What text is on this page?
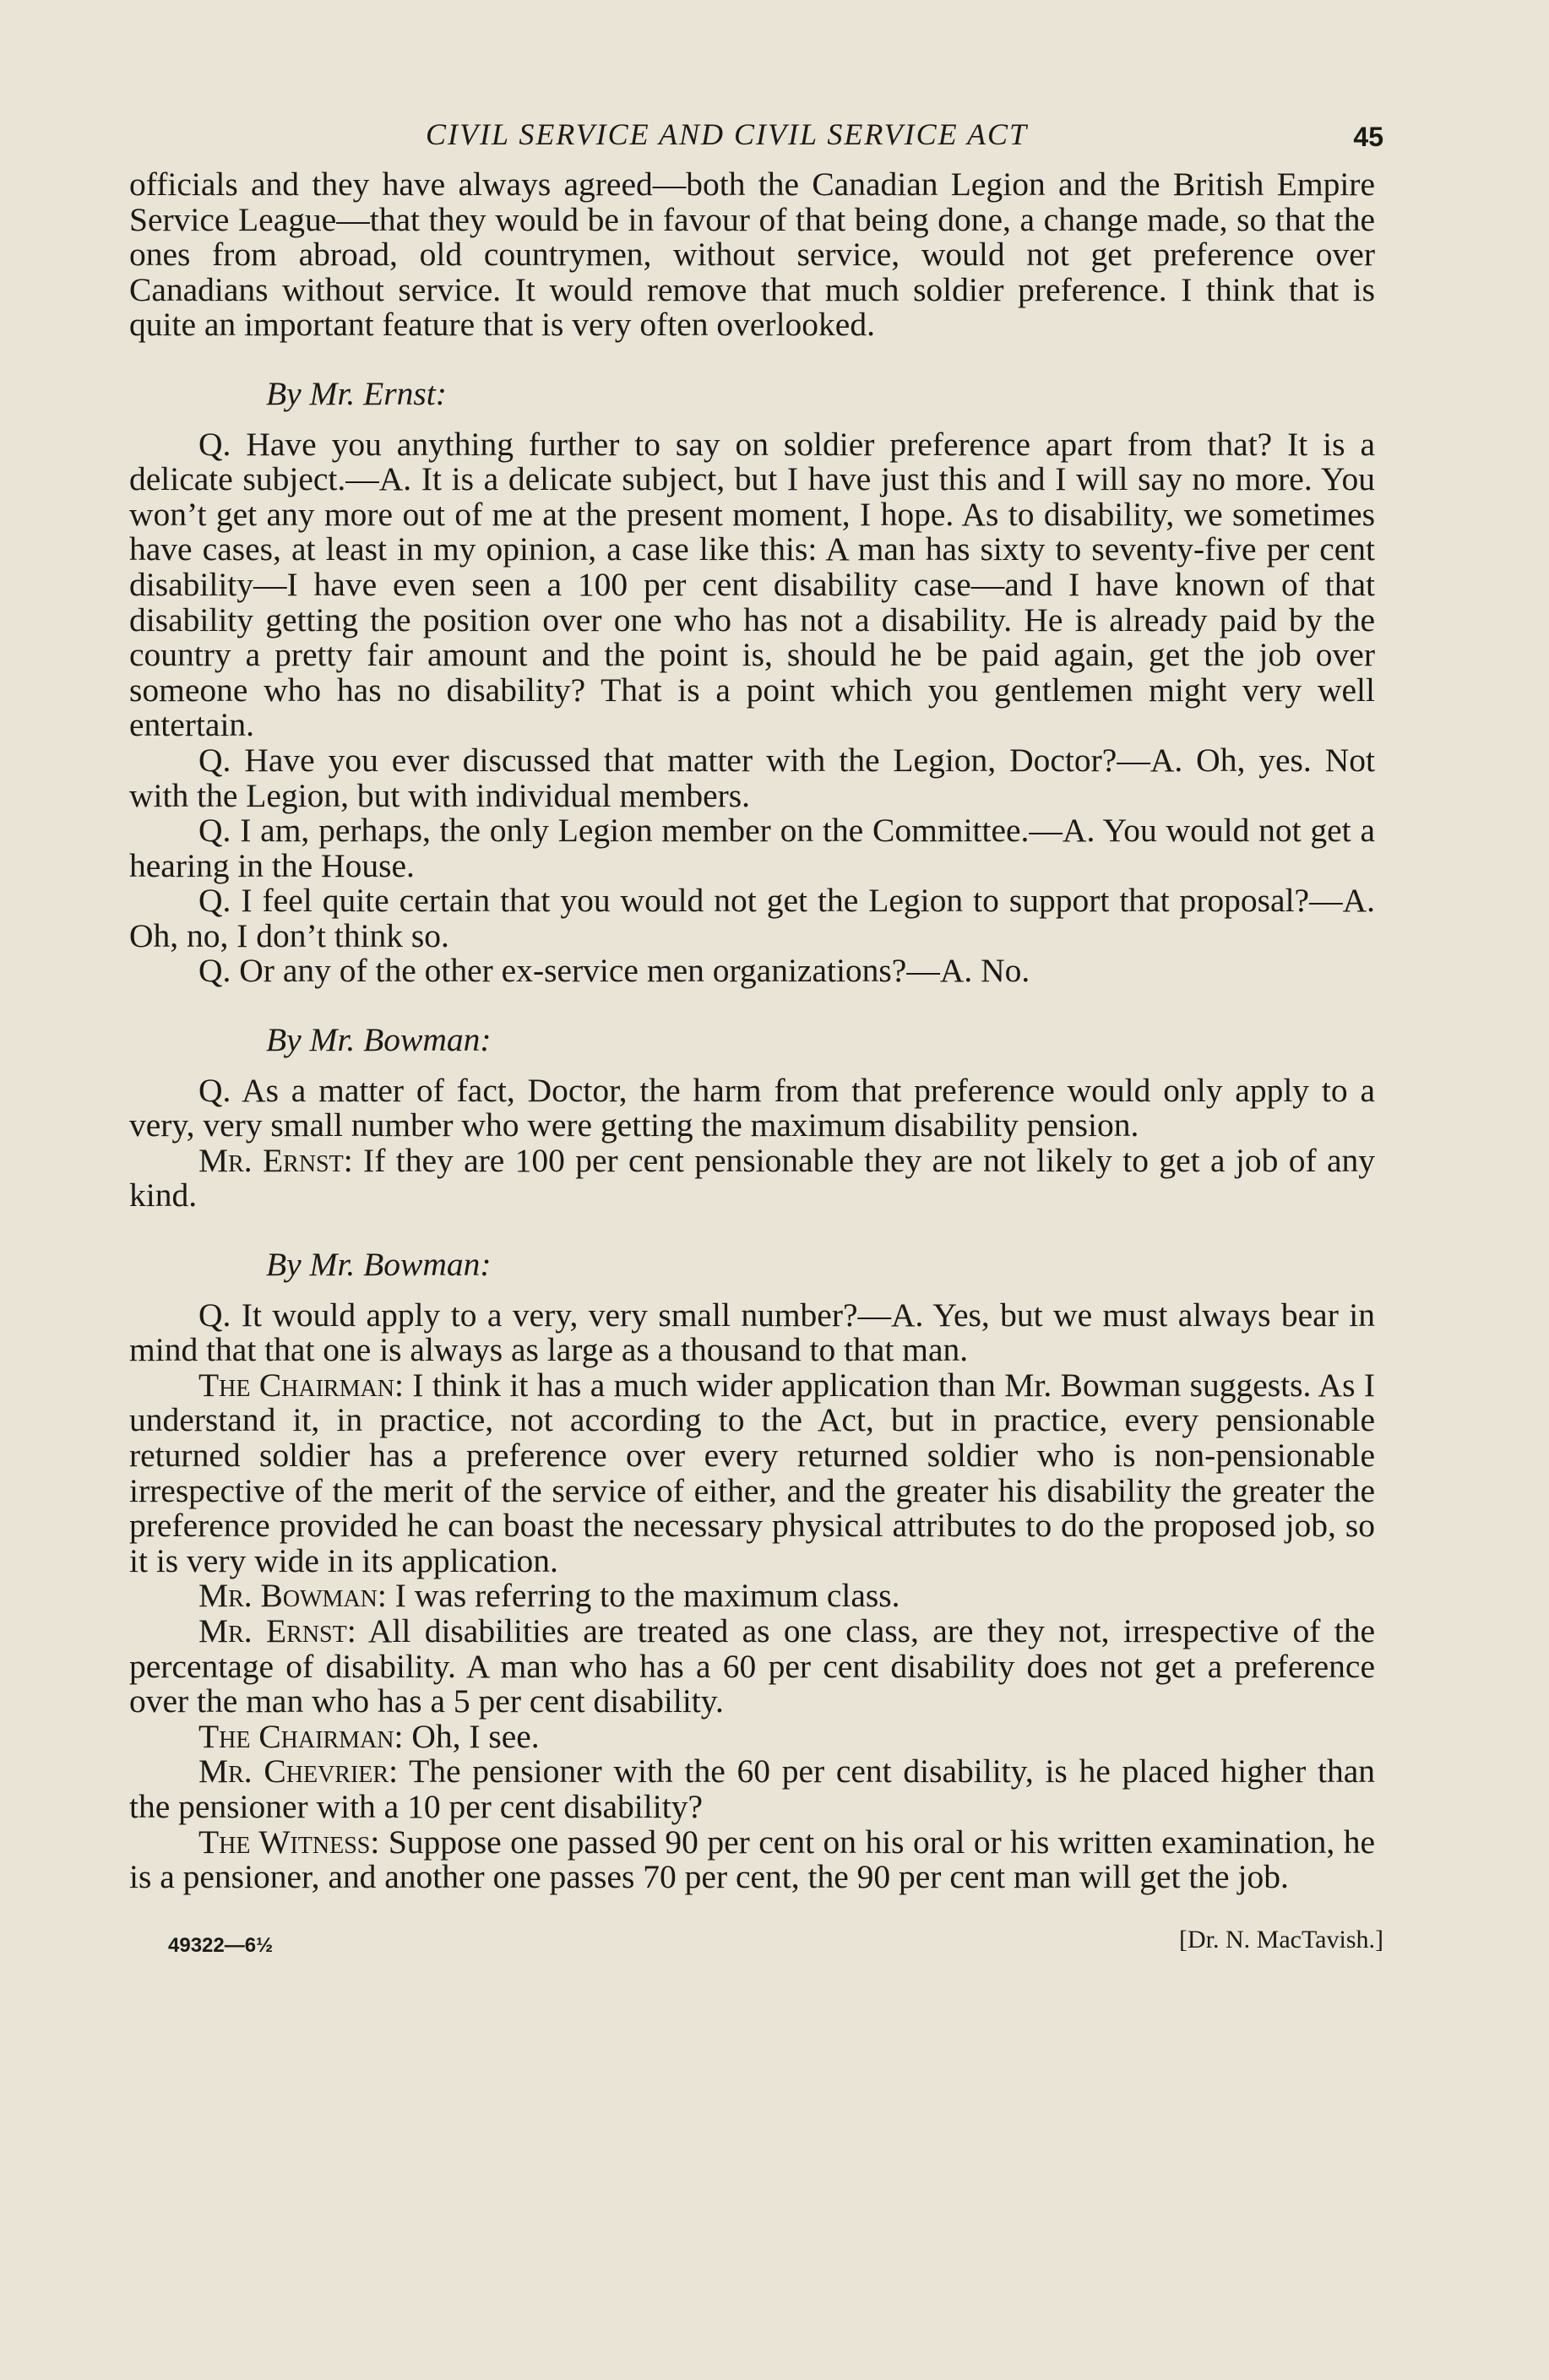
CIVIL SERVICE AND CIVIL SERVICE ACT	45

officials and they have always agreed—both the Canadian Legion and the British Empire Service League—that they would be in favour of that being done, a change made, so that the ones from abroad, old countrymen, without service, would not get preference over Canadians without service. It would remove that much soldier preference. I think that is quite an important feature that is very often overlooked.

By Mr. Ernst:

Q. Have you anything further to say on soldier preference apart from that? It is a delicate subject.—A. It is a delicate subject, but I have just this and I will say no more. You won’t get any more out of me at the present moment, I hope. As to disability, we sometimes have cases, at least in my opinion, a case like this: A man has sixty to seventy-five per cent disability—I have even seen a 100 per cent disability case—and I have known of that disability getting the position over one who has not a disability. He is already paid by the country a pretty fair amount and the point is, should he be paid again, get the job over someone who has no disability? That is a point which you gentlemen might very well entertain.

Q. Have you ever discussed that matter with the Legion, Doctor?—A. Oh, yes. Not with the Legion, but with individual members.

Q. I am, perhaps, the only Legion member on the Committee.—A. You would not get a hearing in the House.

Q. I feel quite certain that you would not get the Legion to support that proposal?—A. Oh, no, I don’t think so.

Q. Or any of the other ex-service men organizations?—A. No.

By Mr. Bowman:

Q. As a matter of fact, Doctor, the harm from that preference would only apply to a very, very small number who were getting the maximum disability pension.

Mr. Ernst: If they are 100 per cent pensionable they are not likely to get a job of any kind.

By Mr. Bowman:

Q. It would apply to a very, very small number?—A. Yes, but we must always bear in mind that that one is always as large as a thousand to that man.

The Chairman: I think it has a much wider application than Mr. Bowman suggests. As I understand it, in practice, not according to the Act, but in practice, every pensionable returned soldier has a preference over every returned soldier who is non-pensionable irrespective of the merit of the service of either, and the greater his disability the greater the preference provided he can boast the necessary physical attributes to do the proposed job, so it is very wide in its application.

Mr. Bowman: I was referring to the maximum class.

Mr. Ernst: All disabilities are treated as one class, are they not, irrespective of the percentage of disability. A man who has a 60 per cent disability does not get a preference over the man who has a 5 per cent disability.

The Chairman: Oh, I see.

Mr. Chevrier: The pensioner with the 60 per cent disability, is he placed higher than the pensioner with a 10 per cent disability?

The Witness: Suppose one passed 90 per cent on his oral or his written examination, he is a pensioner, and another one passes 70 per cent, the 90 per cent man will get the job.

49322—6½	[Dr. N. MacTavish.]
